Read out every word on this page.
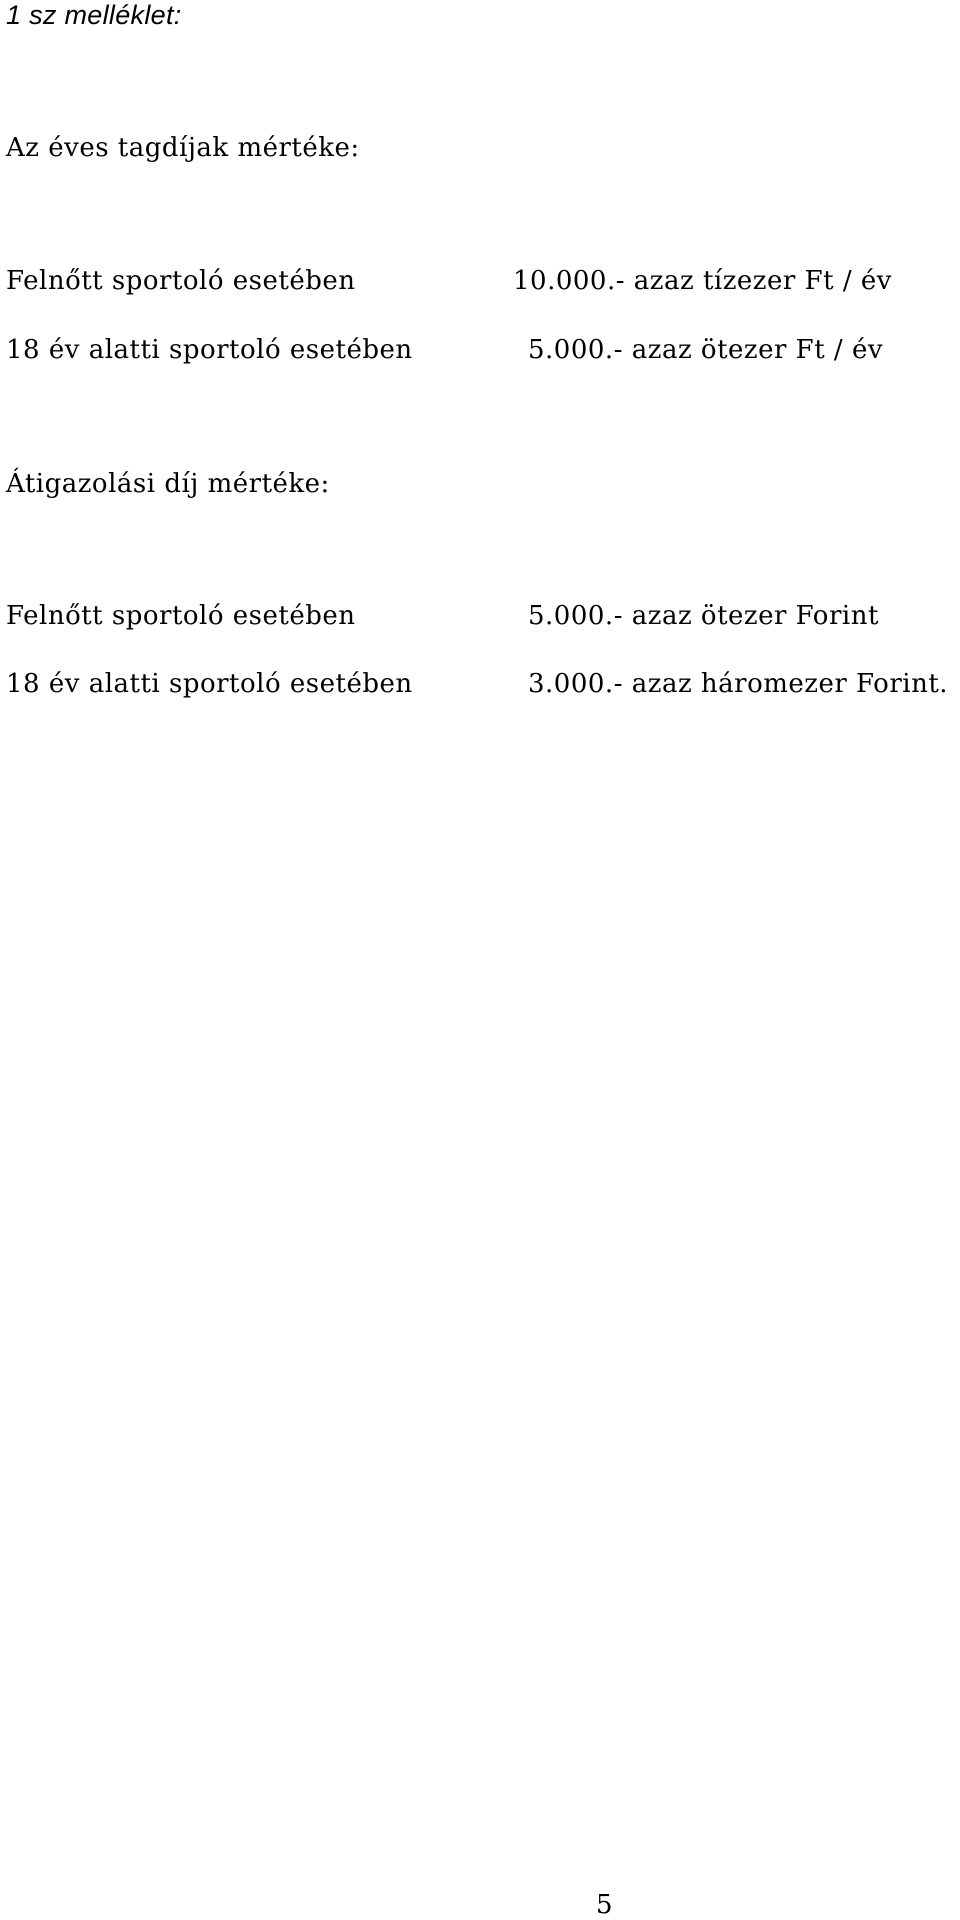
1 sz melléklet:
Az éves tagdíjak mértéke:
Felnőtt sportoló esetében	10.000.- azaz tízezer Ft / év
18 év alatti sportoló esetében	5.000.- azaz ötezer Ft / év
Átigazolási díj mértéke:
Felnőtt sportoló esetében	5.000.- azaz ötezer Forint
18 év alatti sportoló esetében	3.000.- azaz háromezer Forint.
5
